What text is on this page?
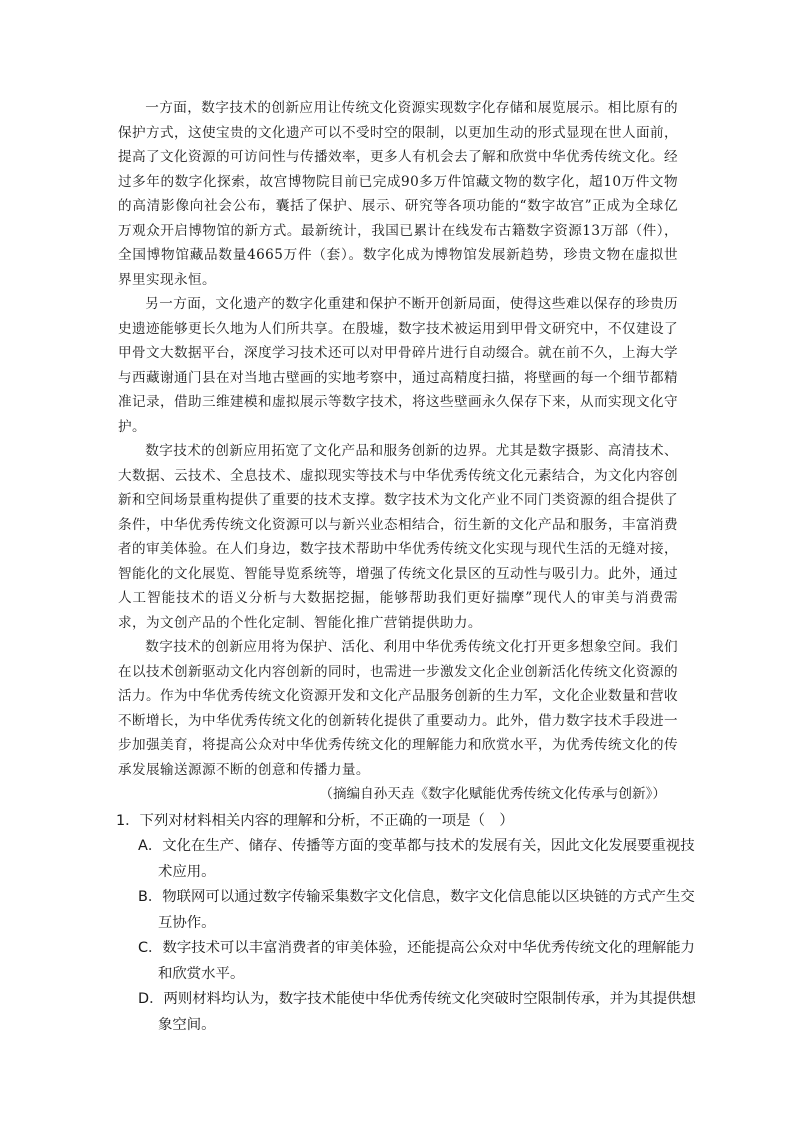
一方面，数字技术的创新应用让传统文化资源实现数字化存储和展览展示。相比原有的保护方式，这使宝贵的文化遗产可以不受时空的限制，以更加生动的形式显现在世人面前，提高了文化资源的可访问性与传播效率，更多人有机会去了解和欣赏中华优秀传统文化。经过多年的数字化探索，故宫博物院目前已完成90多万件馆藏文物的数字化，超10万件文物的高清影像向社会公布，囊括了保护、展示、研究等各项功能的“数字故宫”正成为全球亿万观众开启博物馆的新方式。最新统计，我国已累计在线发布古籍数字资源13万部（件），全国博物馆藏品数量4665万件（套）。数字化成为博物馆发展新趋势，珍贵文物在虚拟世界里实现永恒。

另一方面，文化遗产的数字化重建和保护不断开创新局面，使得这些难以保存的珍贵历史遗迹能够更长久地为人们所共享。在殷墟，数字技术被运用到甲骨文研究中，不仅建设了甲骨文大数据平台，深度学习技术还可以对甲骨碎片进行自动缀合。就在前不久，上海大学与西藏谢通门县在对当地古壁画的实地考察中，通过高精度扫描，将壁画的每一个细节都精准记录，借助三维建模和虚拟展示等数字技术，将这些壁画永久保存下来，从而实现文化守护。

数字技术的创新应用拓宽了文化产品和服务创新的边界。尤其是数字摄影、高清技术、大数据、云技术、全息技术、虚拟现实等技术与中华优秀传统文化元素结合，为文化内容创新和空间场景重构提供了重要的技术支撑。数字技术为文化产业不同门类资源的组合提供了条件，中华优秀传统文化资源可以与新兴业态相结合，衍生新的文化产品和服务，丰富消费者的审美体验。在人们身边，数字技术帮助中华优秀传统文化实现与现代生活的无缝对接，智能化的文化展览、智能导览系统等，增强了传统文化景区的互动性与吸引力。此外，通过人工智能技术的语义分析与大数据挖掘，能够帮助我们更好揣摩”现代人的审美与消费需求，为文创产品的个性化定制、智能化推广营销提供助力。

数字技术的创新应用将为保护、活化、利用中华优秀传统文化打开更多想象空间。我们在以技术创新驱动文化内容创新的同时，也需进一步激发文化企业创新活化传统文化资源的活力。作为中华优秀传统文化资源开发和文化产品服务创新的生力军，文化企业数量和营收不断增长，为中华优秀传统文化的创新转化提供了重要动力。此外，借力数字技术手段进一步加强美育，将提高公众对中华优秀传统文化的理解能力和欣赏水平，为优秀传统文化的传承发展输送源源不断的创意和传播力量。

（摘编自孙天垚《数字化赋能优秀传统文化传承与创新》）

1．下列对材料相关内容的理解和分析，不正确的一项是（　）

A．文化在生产、储存、传播等方面的变革都与技术的发展有关，因此文化发展要重视技术应用。

B．物联网可以通过数字传输采集数字文化信息，数字文化信息能以区块链的方式产生交互协作。

C．数字技术可以丰富消费者的审美体验，还能提高公众对中华优秀传统文化的理解能力和欣赏水平。

D．两则材料均认为，数字技术能使中华优秀传统文化突破时空限制传承，并为其提供想象空间。
